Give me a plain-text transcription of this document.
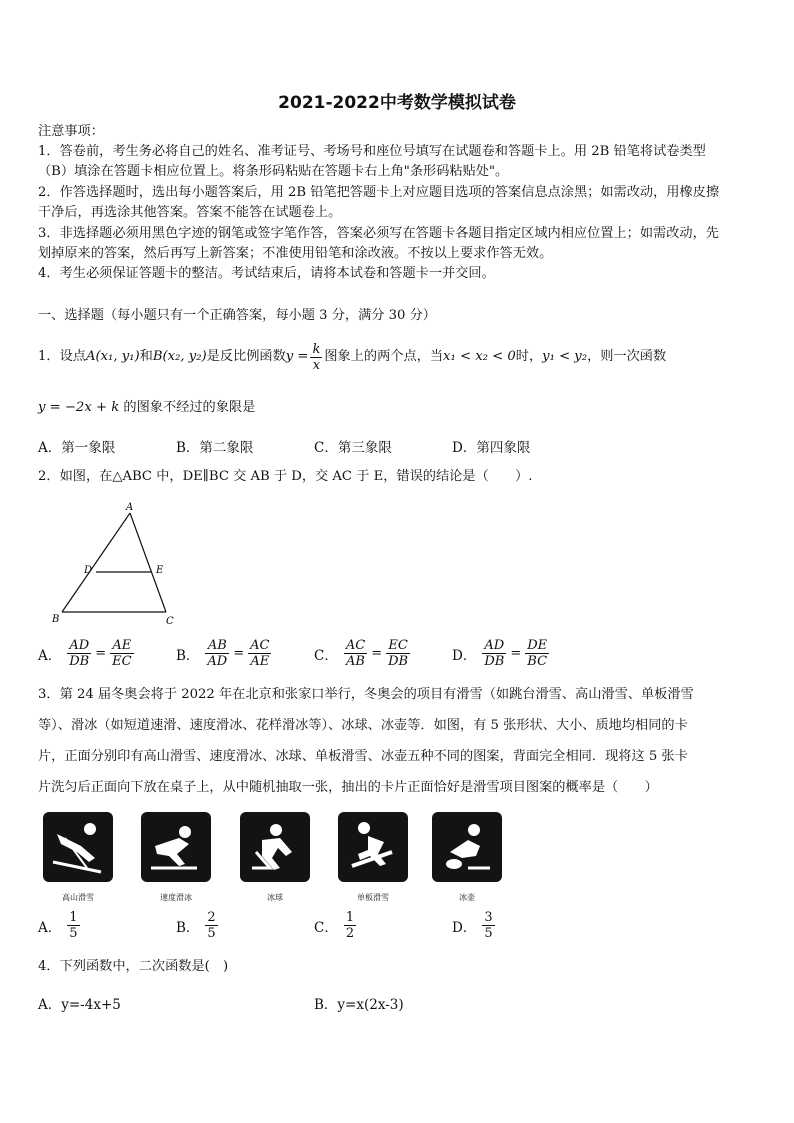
2021-2022中考数学模拟试卷
注意事项：
1．答卷前，考生务必将自己的姓名、准考证号、考场号和座位号填写在试题卷和答题卡上。用 2B 铅笔将试卷类型
（B）填涂在答题卡相应位置上。将条形码粘贴在答题卡右上角"条形码粘贴处"。
2．作答选择题时，选出每小题答案后，用 2B 铅笔把答题卡上对应题目选项的答案信息点涂黑；如需改动，用橡皮擦
干净后，再选涂其他答案。答案不能答在试题卷上。
3．非选择题必须用黑色字迹的钢笔或签字笔作答，答案必须写在答题卡各题目指定区域内相应位置上；如需改动，先
划掉原来的答案，然后再写上新答案；不准使用铅笔和涂改液。不按以上要求作答无效。
4．考生必须保证答题卡的整洁。考试结束后，请将本试卷和答题卡一并交回。
一、选择题（每小题只有一个正确答案，每小题 3 分，满分 30 分）
1．设点 A(x₁, y₁) 和 B(x₂, y₂) 是反比例函数 $y = \frac{k}{x}$ 图象上的两个点，当 x₁ < x₂ < 0 时， y₁ < y₂ ，则一次函数
y = −2x + k 的图象不经过的象限是
A．第一象限	B．第二象限	C．第三象限	D．第四象限
2．如图，在△ABC 中，DE∥BC 交 AB 于 D，交 AC 于 E，错误的结论是（　　）.
A
D	E
B	C
A． $\frac{AD}{DB} = \frac{AE}{EC}$	B． $\frac{AB}{AD} = \frac{AC}{AE}$	C． $\frac{AC}{AB} = \frac{EC}{DB}$	D． $\frac{AD}{DB} = \frac{DE}{BC}$
3．第 24 届冬奥会将于 2022 年在北京和张家口举行，冬奥会的项目有滑雪（如跳台滑雪、高山滑雪、单板滑雪
等）、滑冰（如短道速滑、速度滑冰、花样滑冰等）、冰球、冰壶等．如图，有 5 张形状、大小、质地均相同的卡
片，正面分别印有高山滑雪、速度滑冰、冰球、单板滑雪、冰壶五种不同的图案，背面完全相同．现将这 5 张卡
片洗匀后正面向下放在桌子上，从中随机抽取一张，抽出的卡片正面恰好是滑雪项目图案的概率是（　　）
高山滑雪	速度滑冰	冰球	单板滑雪	冰壶
A． $\frac{1}{5}$	B． $\frac{2}{5}$	C． $\frac{1}{2}$	D． $\frac{3}{5}$
4．下列函数中，二次函数是(　)
A．y=-4x+5	B．y=x(2x-3)
